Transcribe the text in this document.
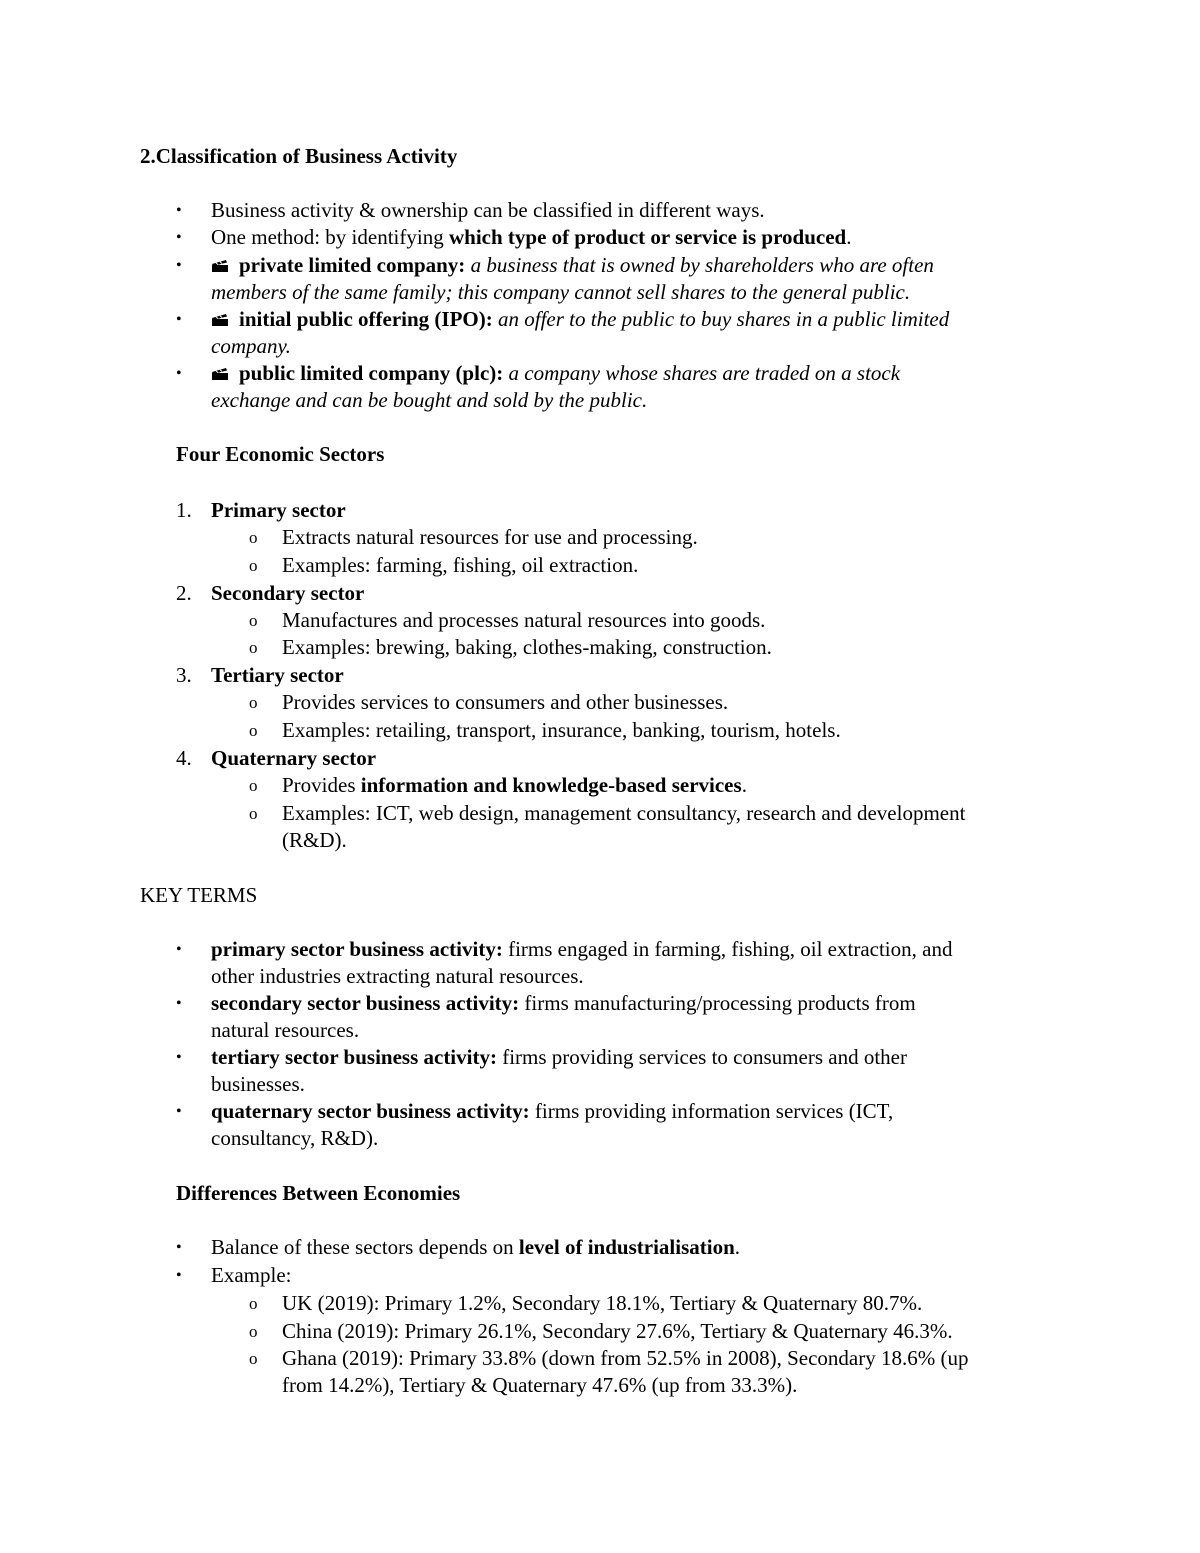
2.Classification of Business Activity
• Business activity & ownership can be classified in different ways.
• One method: by identifying which type of product or service is produced.
•	private limited company: a business that is owned by shareholders who are often
members of the same family; this company cannot sell shares to the general public.
•	initial public offering (IPO): an offer to the public to buy shares in a public limited
company.
•	public limited company (plc): a company whose shares are traded on a stock
exchange and can be bought and sold by the public.
Four Economic Sectors
1. Primary sector
o Extracts natural resources for use and processing.
o Examples: farming, fishing, oil extraction.
2. Secondary sector
o Manufactures and processes natural resources into goods.
o Examples: brewing, baking, clothes-making, construction.
3. Tertiary sector
o Provides services to consumers and other businesses.
o Examples: retailing, transport, insurance, banking, tourism, hotels.
4. Quaternary sector
o Provides information and knowledge-based services.
o Examples: ICT, web design, management consultancy, research and development
(R&D).
KEY TERMS
• primary sector business activity: firms engaged in farming, fishing, oil extraction, and
other industries extracting natural resources.
• secondary sector business activity: firms manufacturing/processing products from
natural resources.
• tertiary sector business activity: firms providing services to consumers and other
businesses.
• quaternary sector business activity: firms providing information services (ICT,
consultancy, R&D).
Differences Between Economies
• Balance of these sectors depends on level of industrialisation.
• Example:
o UK (2019): Primary 1.2%, Secondary 18.1%, Tertiary & Quaternary 80.7%.
o China (2019): Primary 26.1%, Secondary 27.6%, Tertiary & Quaternary 46.3%.
o Ghana (2019): Primary 33.8% (down from 52.5% in 2008), Secondary 18.6% (up
from 14.2%), Tertiary & Quaternary 47.6% (up from 33.3%).
